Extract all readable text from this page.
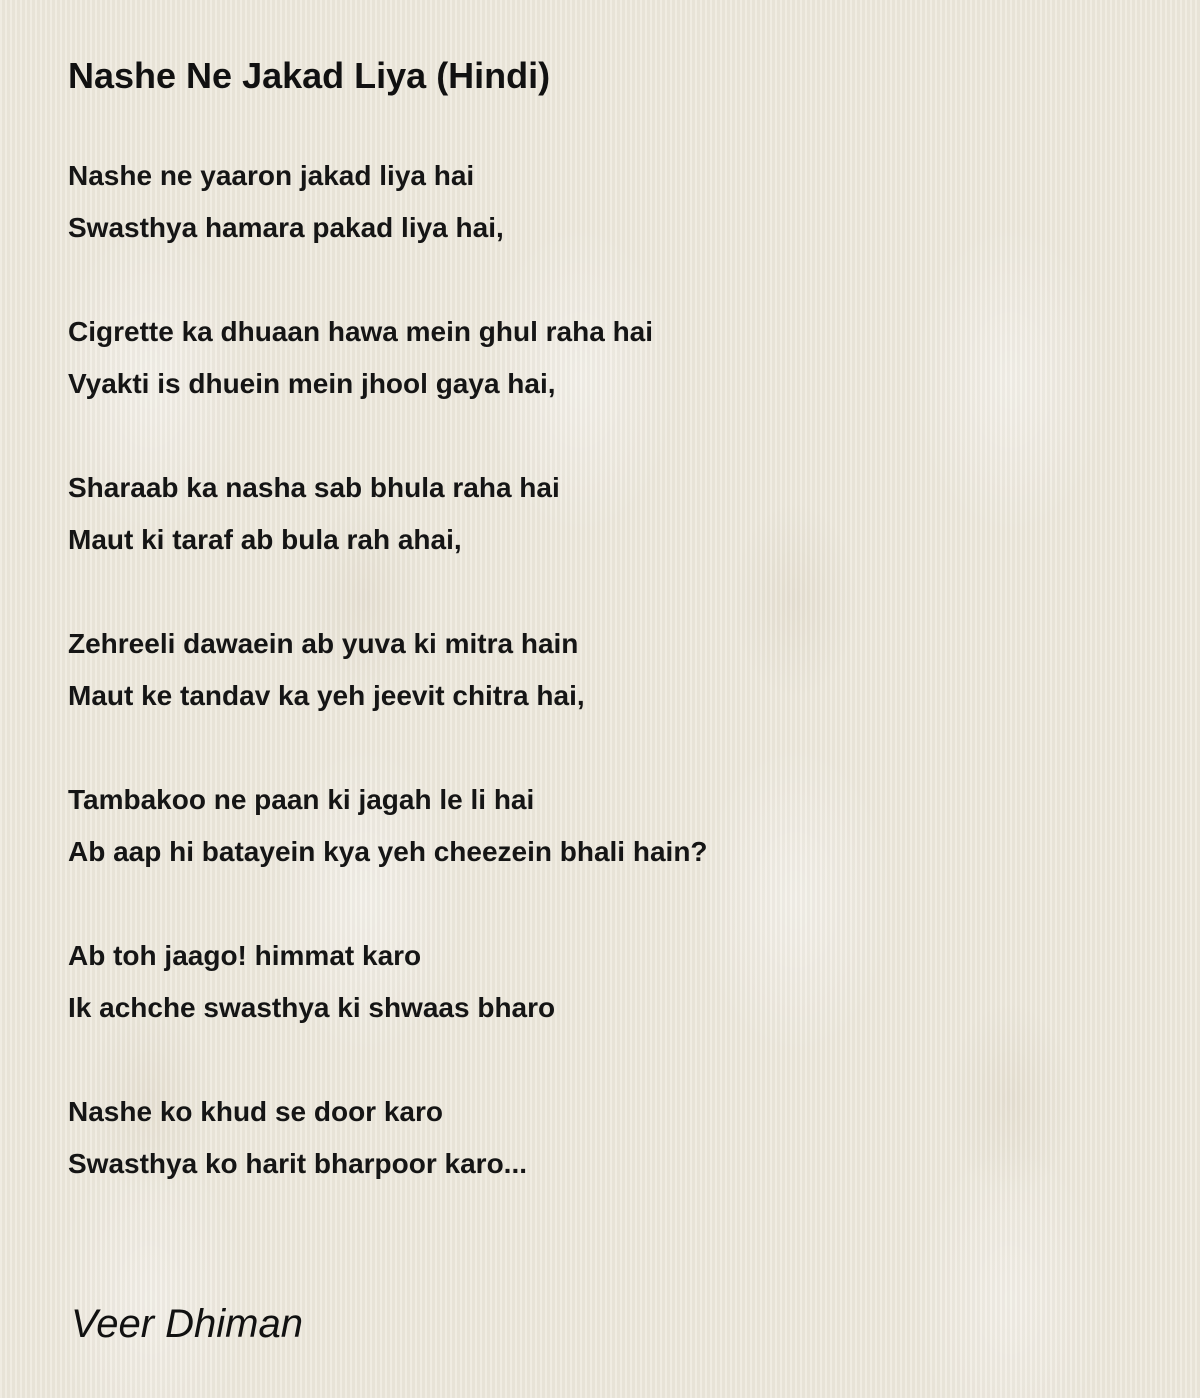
Nashe Ne Jakad Liya (Hindi)
Nashe ne yaaron jakad liya hai
Swasthya hamara pakad liya hai,
Cigrette ka dhuaan hawa mein ghul raha hai
Vyakti is dhuein mein jhool gaya hai,
Sharaab ka nasha sab bhula raha hai
Maut ki taraf ab bula rah ahai,
Zehreeli dawaein ab yuva ki mitra hain
Maut ke tandav ka yeh jeevit chitra hai,
Tambakoo ne paan ki jagah le li hai
Ab aap hi batayein kya yeh cheezein bhali hain?
Ab toh jaago! himmat karo
Ik achche swasthya ki shwaas bharo
Nashe ko khud se door karo
Swasthya ko harit bharpoor karo...
Veer Dhiman
